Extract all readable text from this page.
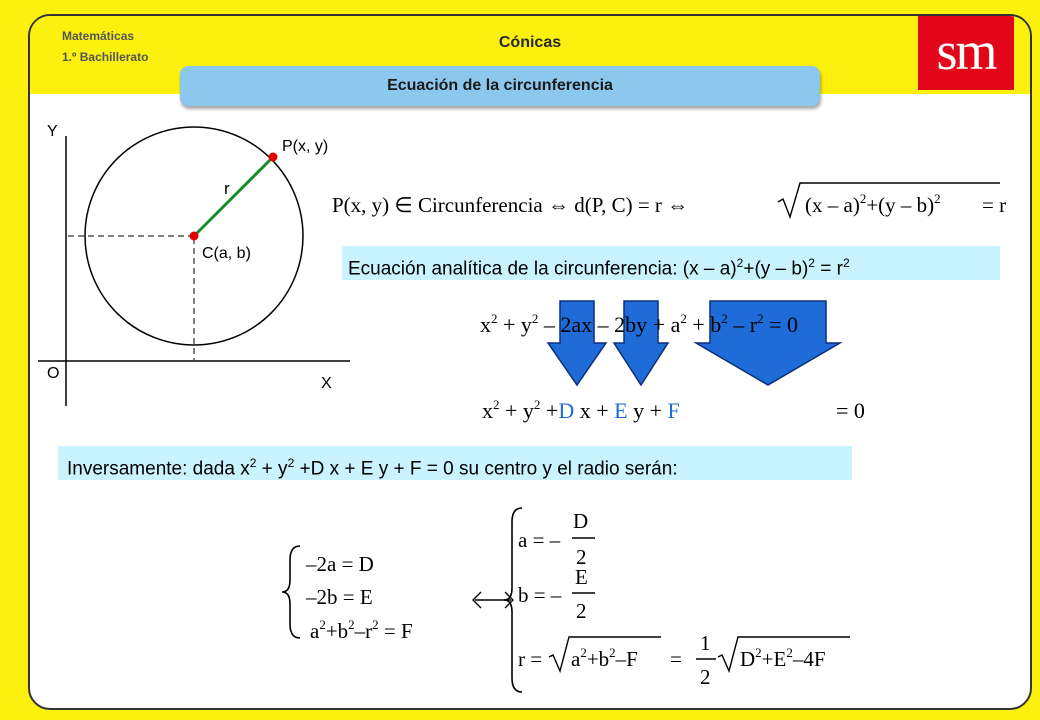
Matemáticas
1.º Bachillerato
Cónicas	sm
Ecuación de la circunferencia
Y
X
O
P(x, y)
C(a, b)
r
P(x, y) ∈ Circunferencia ⇔ d(P, C) = r ⇔	(x – a)$^2$+(y – b)$^2$ = r
Ecuación analítica de la circunferencia: $(x - a)^2+(y - b)^2 = r^2$
$x^2 + y^2 - 2ax - 2by + a^2 + b^2 - r^2 = 0$
$x^2 + y^2 +D$ x + E y + F	= 0
Inversamente: dada $x^2 + y^2 +D$ x + E y + F = 0 su centro y el radio serán:
–2a = D
–2b = E
$a^2+b^2-r^2 = F$
a = –
D
2
b = –
E
2
$r = a^2+b^2-F$ =
1
2
$D^2+E^2-4F$
